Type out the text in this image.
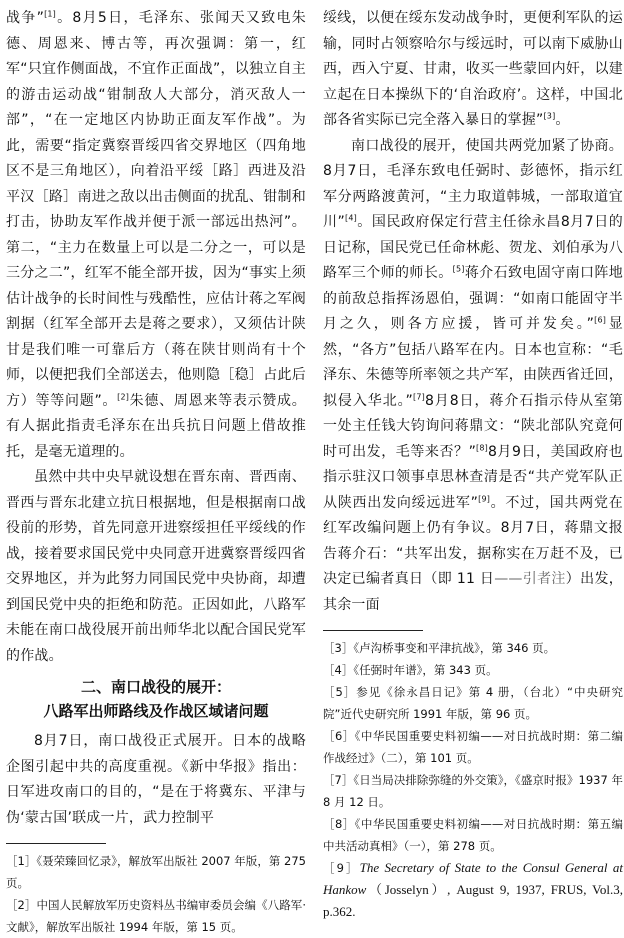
战争”[1]。8月5日，毛泽东、张闻天又致电朱德、周恩来、博古等，再次强调：第一，红军“只宜作侧面战，不宜作正面战”，以独立自主的游击运动战“钳制敌人大部分，消灭敌人一部”，“在一定地区内协助正面友军作战”。为此，需要“指定冀察晋绥四省交界地区（四角地区不是三角地区），向着沿平绥［路］西进及沿平汉［路］南进之敌以出击侧面的扰乱、钳制和打击，协助友军作战并便于派一部远出热河”。第二，“主力在数量上可以是二分之一，可以是三分之二”，红军不能全部开拔，因为“事实上须估计战争的长时间性与残酷性，应估计蒋之军阀割据（红军全部开去是蒋之要求），又须估计陕甘是我们唯一可靠后方（蒋在陕甘则尚有十个师，以便把我们全部送去，他则隐［稳］占此后方）等等问题”。[2]朱德、周恩来等表示赞成。有人据此指责毛泽东在出兵抗日问题上借故推托，是毫无道理的。

虽然中共中央早就设想在晋东南、晋西南、晋西与晋东北建立抗日根据地，但是根据南口战役前的形势，首先同意开进察绥担任平绥线的作战，接着要求国民党中央同意开进冀察晋绥四省交界地区，并为此努力同国民党中央协商，却遭到国民党中央的拒绝和防范。正因如此，八路军未能在南口战役展开前出师华北以配合国民党军的作战。

二、南口战役的展开：
八路军出师路线及作战区域诸问题

8月7日，南口战役正式展开。日本的战略企图引起中共的高度重视。《新中华报》指出：日军进攻南口的目的，“是在于将冀东、平津与伪‘蒙古国’联成一片，武力控制平

［1］《聂荣臻回忆录》，解放军出版社 2007 年版，第 275 页。

［2］中国人民解放军历史资料丛书编审委员会编《八路军·文献》，解放军出版社 1994 年版，第 15 页。

绥线，以便在绥东发动战争时，更便利军队的运输，同时占领察哈尔与绥远时，可以南下威胁山西，西入宁夏、甘肃，收买一些蒙回内奸，以建立起在日本操纵下的‘自治政府’。这样，中国北部各省实际已完全落入暴日的掌握”[3]。

南口战役的展开，使国共两党加紧了协商。8月7日，毛泽东致电任弼时、彭德怀，指示红军分两路渡黄河，“主力取道韩城，一部取道宜川”[4]。国民政府保定行营主任徐永昌8月7日的日记称，国民党已任命林彪、贺龙、刘伯承为八路军三个师的师长。[5]蒋介石致电固守南口阵地的前敌总指挥汤恩伯，强调：“如南口能固守半月之久，则各方应援，皆可并发矣。”[6]显然，“各方”包括八路军在内。日本也宣称：“毛泽东、朱德等所率领之共产军，由陕西省迁回，拟侵入华北。”[7]8月8日，蒋介石指示侍从室第一处主任钱大钧询问蒋鼎文：“陕北部队究竟何时可出发，毛等来否？”[8]8月9日，美国政府也指示驻汉口领事卓思林查清是否“共产党军队正从陕西出发向绥远进军”[9]。不过，国共两党在红军改编问题上仍有争议。8月7日，蒋鼎文报告蒋介石：“共军出发，据称实在万赶不及，已决定已编者真日（即 11 日——引者注）出发，其余一面

［3］《卢沟桥事变和平津抗战》，第 346 页。

［4］《任弼时年谱》，第 343 页。

［5］参见《徐永昌日记》第 4 册，（台北）“中央研究院”近代史研究所 1991 年版，第 96 页。

［6］《中华民国重要史料初编——对日抗战时期：第二编作战经过》（二），第 101 页。

［7］《日当局决排除弥缝的外交策》，《盛京时报》1937 年 8 月 12 日。

［8］《中华民国重要史料初编——对日抗战时期：第五编中共活动真相》（一），第 278 页。

［9］The Secretary of State to the Consul General at Hankow（Josselyn）, August 9, 1937, FRUS, Vol.3, p.362.
